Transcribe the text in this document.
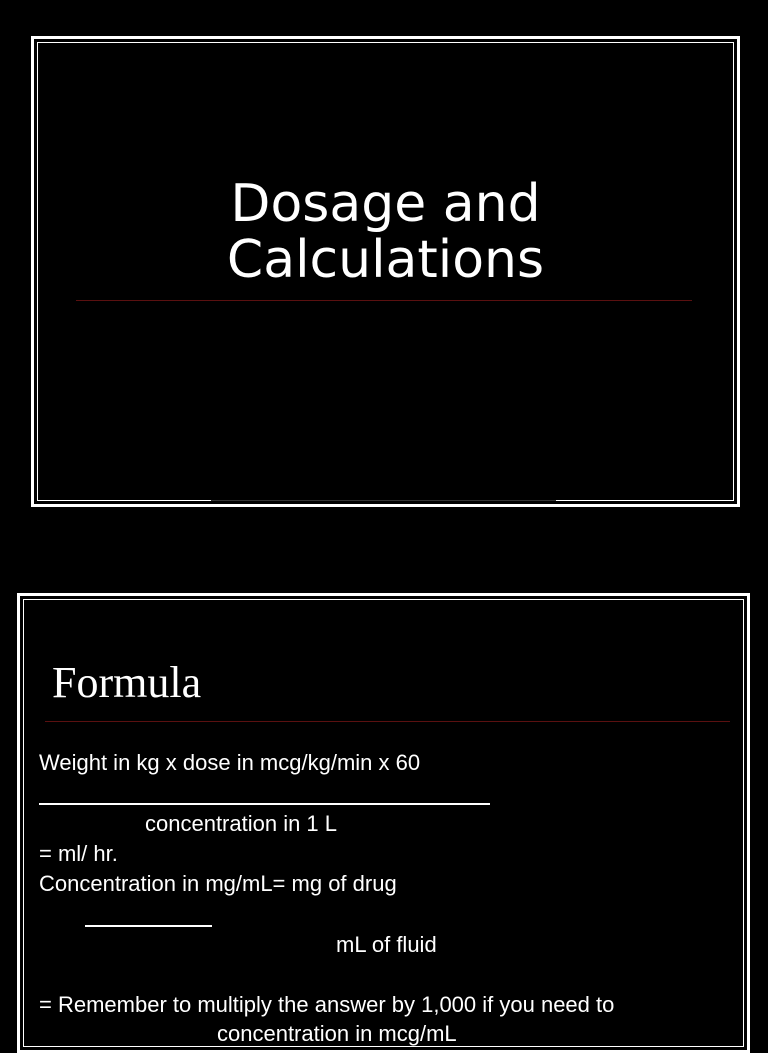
Dosage and
Calculations
Formula
Weight in kg x dose in mcg/kg/min x 60
concentration in 1 L
= ml/ hr.
Concentration in mg/mL= mg of drug
mL of fluid
= Remember to multiply the answer by 1,000 if you need to
concentration in mcg/mL
